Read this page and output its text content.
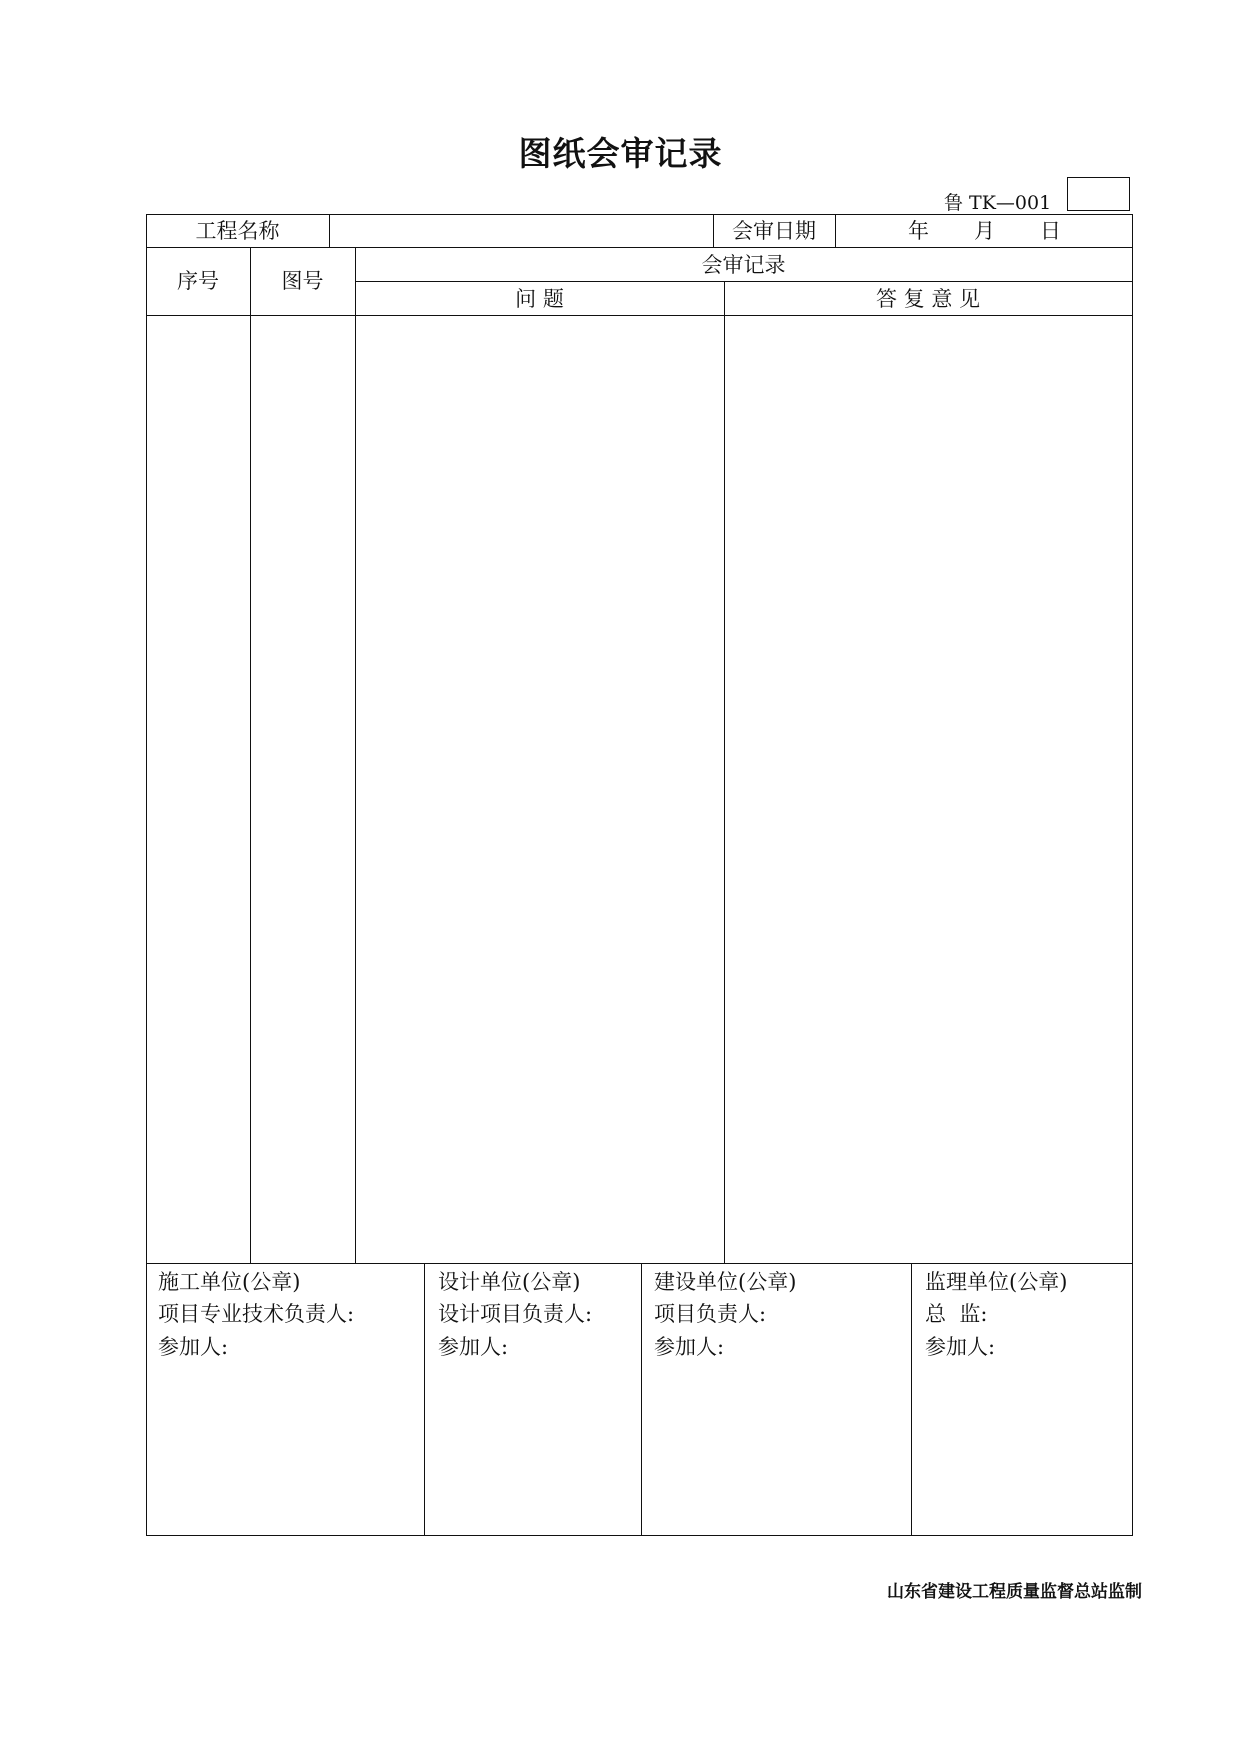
图纸会审记录
鲁 TK—001
工程名称	会审日期	年 月 日
序号	图号
会审记录
问 题	答 复 意 见
施工单位(公章)
项目专业技术负责人:
参加人:
设计单位(公章)
设计项目负责人:
参加人:
建设单位(公章)
项目负责人:
参加人:
监理单位(公章)
总  监:
参加人:
山东省建设工程质量监督总站监制
